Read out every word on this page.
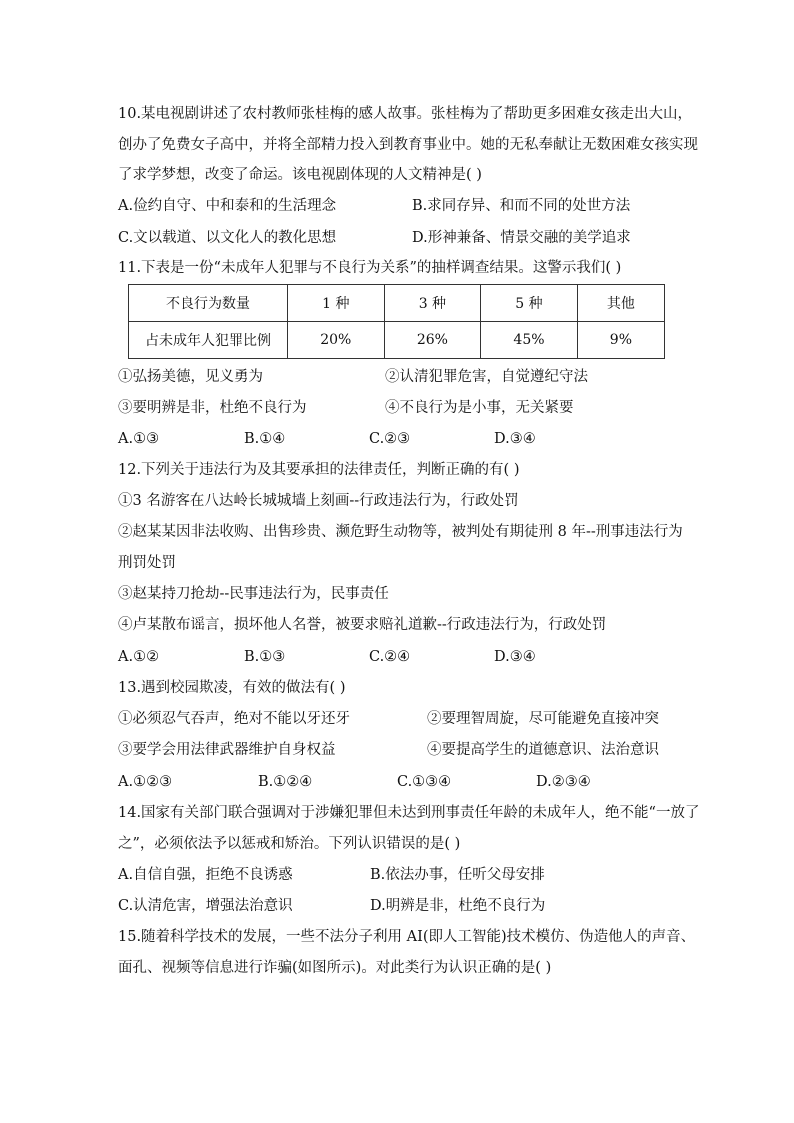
10.某电视剧讲述了农村教师张桂梅的感人故事。张桂梅为了帮助更多困难女孩走出大山，
创办了免费女子高中，并将全部精力投入到教育事业中。她的无私奉献让无数困难女孩实现
了求学梦想，改变了命运。该电视剧体现的人文精神是( )
A.俭约自守、中和泰和的生活理念	B.求同存异、和而不同的处世方法
C.文以载道、以文化人的教化思想	D.形神兼备、情景交融的美学追求
11.下表是一份“未成年人犯罪与不良行为关系”的抽样调查结果。这警示我们( )
不良行为数量	1 种	3 种	5 种	其他
占未成年人犯罪比例	20%	26%	45%	9%
①弘扬美德，见义勇为	②认清犯罪危害，自觉遵纪守法
③要明辨是非，杜绝不良行为	④不良行为是小事，无关紧要
A.①③	B.①④	C.②③	D.③④
12.下列关于违法行为及其要承担的法律责任，判断正确的有( )
①3 名游客在八达岭长城城墙上刻画--行政违法行为，行政处罚
②赵某某因非法收购、出售珍贵、濒危野生动物等，被判处有期徒刑 8 年--刑事违法行为
刑罚处罚
③赵某持刀抢劫--民事违法行为，民事责任
④卢某散布谣言，损坏他人名誉，被要求赔礼道歉--行政违法行为，行政处罚
A.①②	B.①③	C.②④	D.③④
13.遇到校园欺凌，有效的做法有( )
①必须忍气吞声，绝对不能以牙还牙	②要理智周旋，尽可能避免直接冲突
③要学会用法律武器维护自身权益	④要提高学生的道德意识、法治意识
A.①②③	B.①②④	C.①③④	D.②③④
14.国家有关部门联合强调对于涉嫌犯罪但未达到刑事责任年龄的未成年人，绝不能“一放了
之”，必须依法予以惩戒和矫治。下列认识错误的是( )
A.自信自强，拒绝不良诱惑	B.依法办事，任听父母安排
C.认清危害，增强法治意识	D.明辨是非，杜绝不良行为
15.随着科学技术的发展，一些不法分子利用 AI(即人工智能)技术模仿、伪造他人的声音、
面孔、视频等信息进行诈骗(如图所示)。对此类行为认识正确的是( )
